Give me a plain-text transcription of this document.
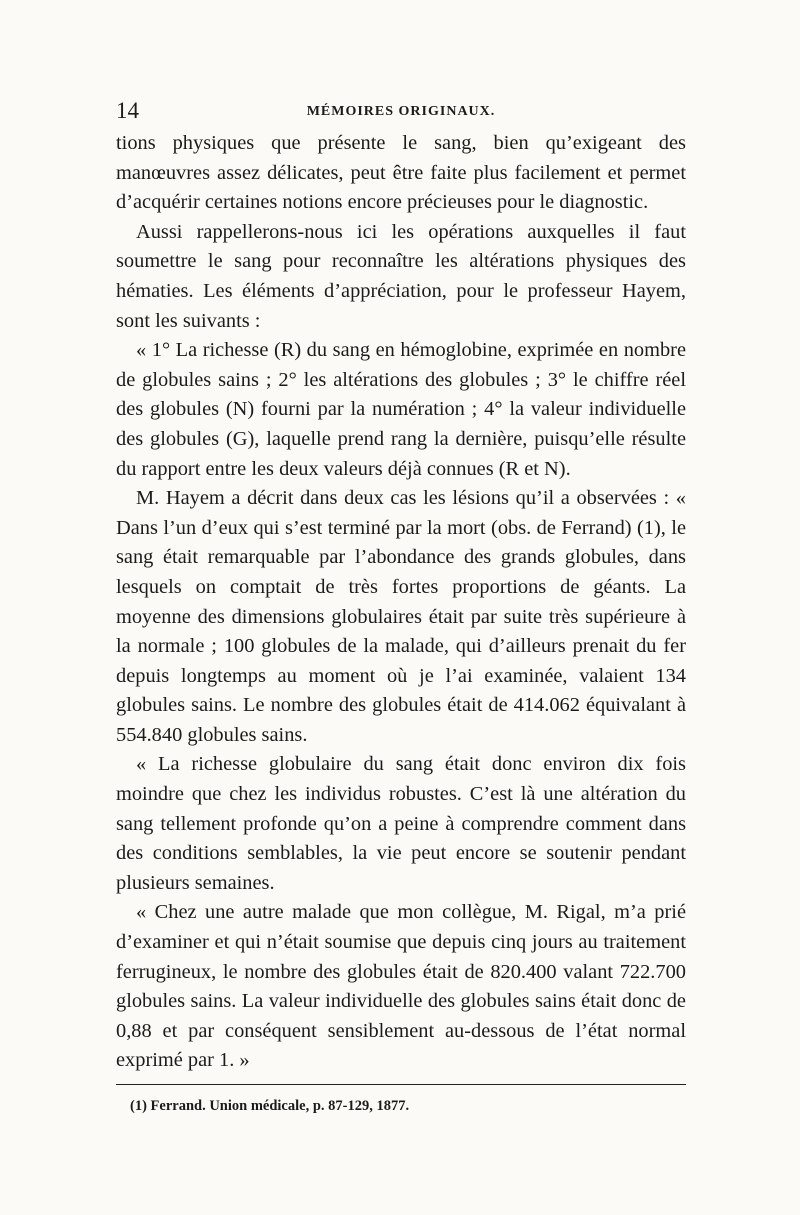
14	MÉMOIRES ORIGINAUX.

tions physiques que présente le sang, bien qu’exigeant des manœuvres assez délicates, peut être faite plus facilement et permet d’acquérir certaines notions encore précieuses pour le diagnostic.

Aussi rappellerons-nous ici les opérations auxquelles il faut soumettre le sang pour reconnaître les altérations physiques des hématies. Les éléments d’appréciation, pour le professeur Hayem, sont les suivants :

« 1° La richesse (R) du sang en hémoglobine, exprimée en nombre de globules sains ; 2° les altérations des globules ; 3° le chiffre réel des globules (N) fourni par la numération ; 4° la valeur individuelle des globules (G), laquelle prend rang la dernière, puisqu’elle résulte du rapport entre les deux valeurs déjà connues (R et N).

M. Hayem a décrit dans deux cas les lésions qu’il a observées : « Dans l’un d’eux qui s’est terminé par la mort (obs. de Ferrand) (1), le sang était remarquable par l’abondance des grands globules, dans lesquels on comptait de très fortes proportions de géants. La moyenne des dimensions globulaires était par suite très supérieure à la normale ; 100 globules de la malade, qui d’ailleurs prenait du fer depuis longtemps au moment où je l’ai examinée, valaient 134 globules sains. Le nombre des globules était de 414.062 équivalant à 554.840 globules sains.

« La richesse globulaire du sang était donc environ dix fois moindre que chez les individus robustes. C’est là une altération du sang tellement profonde qu’on a peine à comprendre comment dans des conditions semblables, la vie peut encore se soutenir pendant plusieurs semaines.

« Chez une autre malade que mon collègue, M. Rigal, m’a prié d’examiner et qui n’était soumise que depuis cinq jours au traitement ferrugineux, le nombre des globules était de 820.400 valant 722.700 globules sains. La valeur individuelle des globules sains était donc de 0,88 et par conséquent sensiblement au-dessous de l’état normal exprimé par 1. »

(1) Ferrand. Union médicale, p. 87-129, 1877.
